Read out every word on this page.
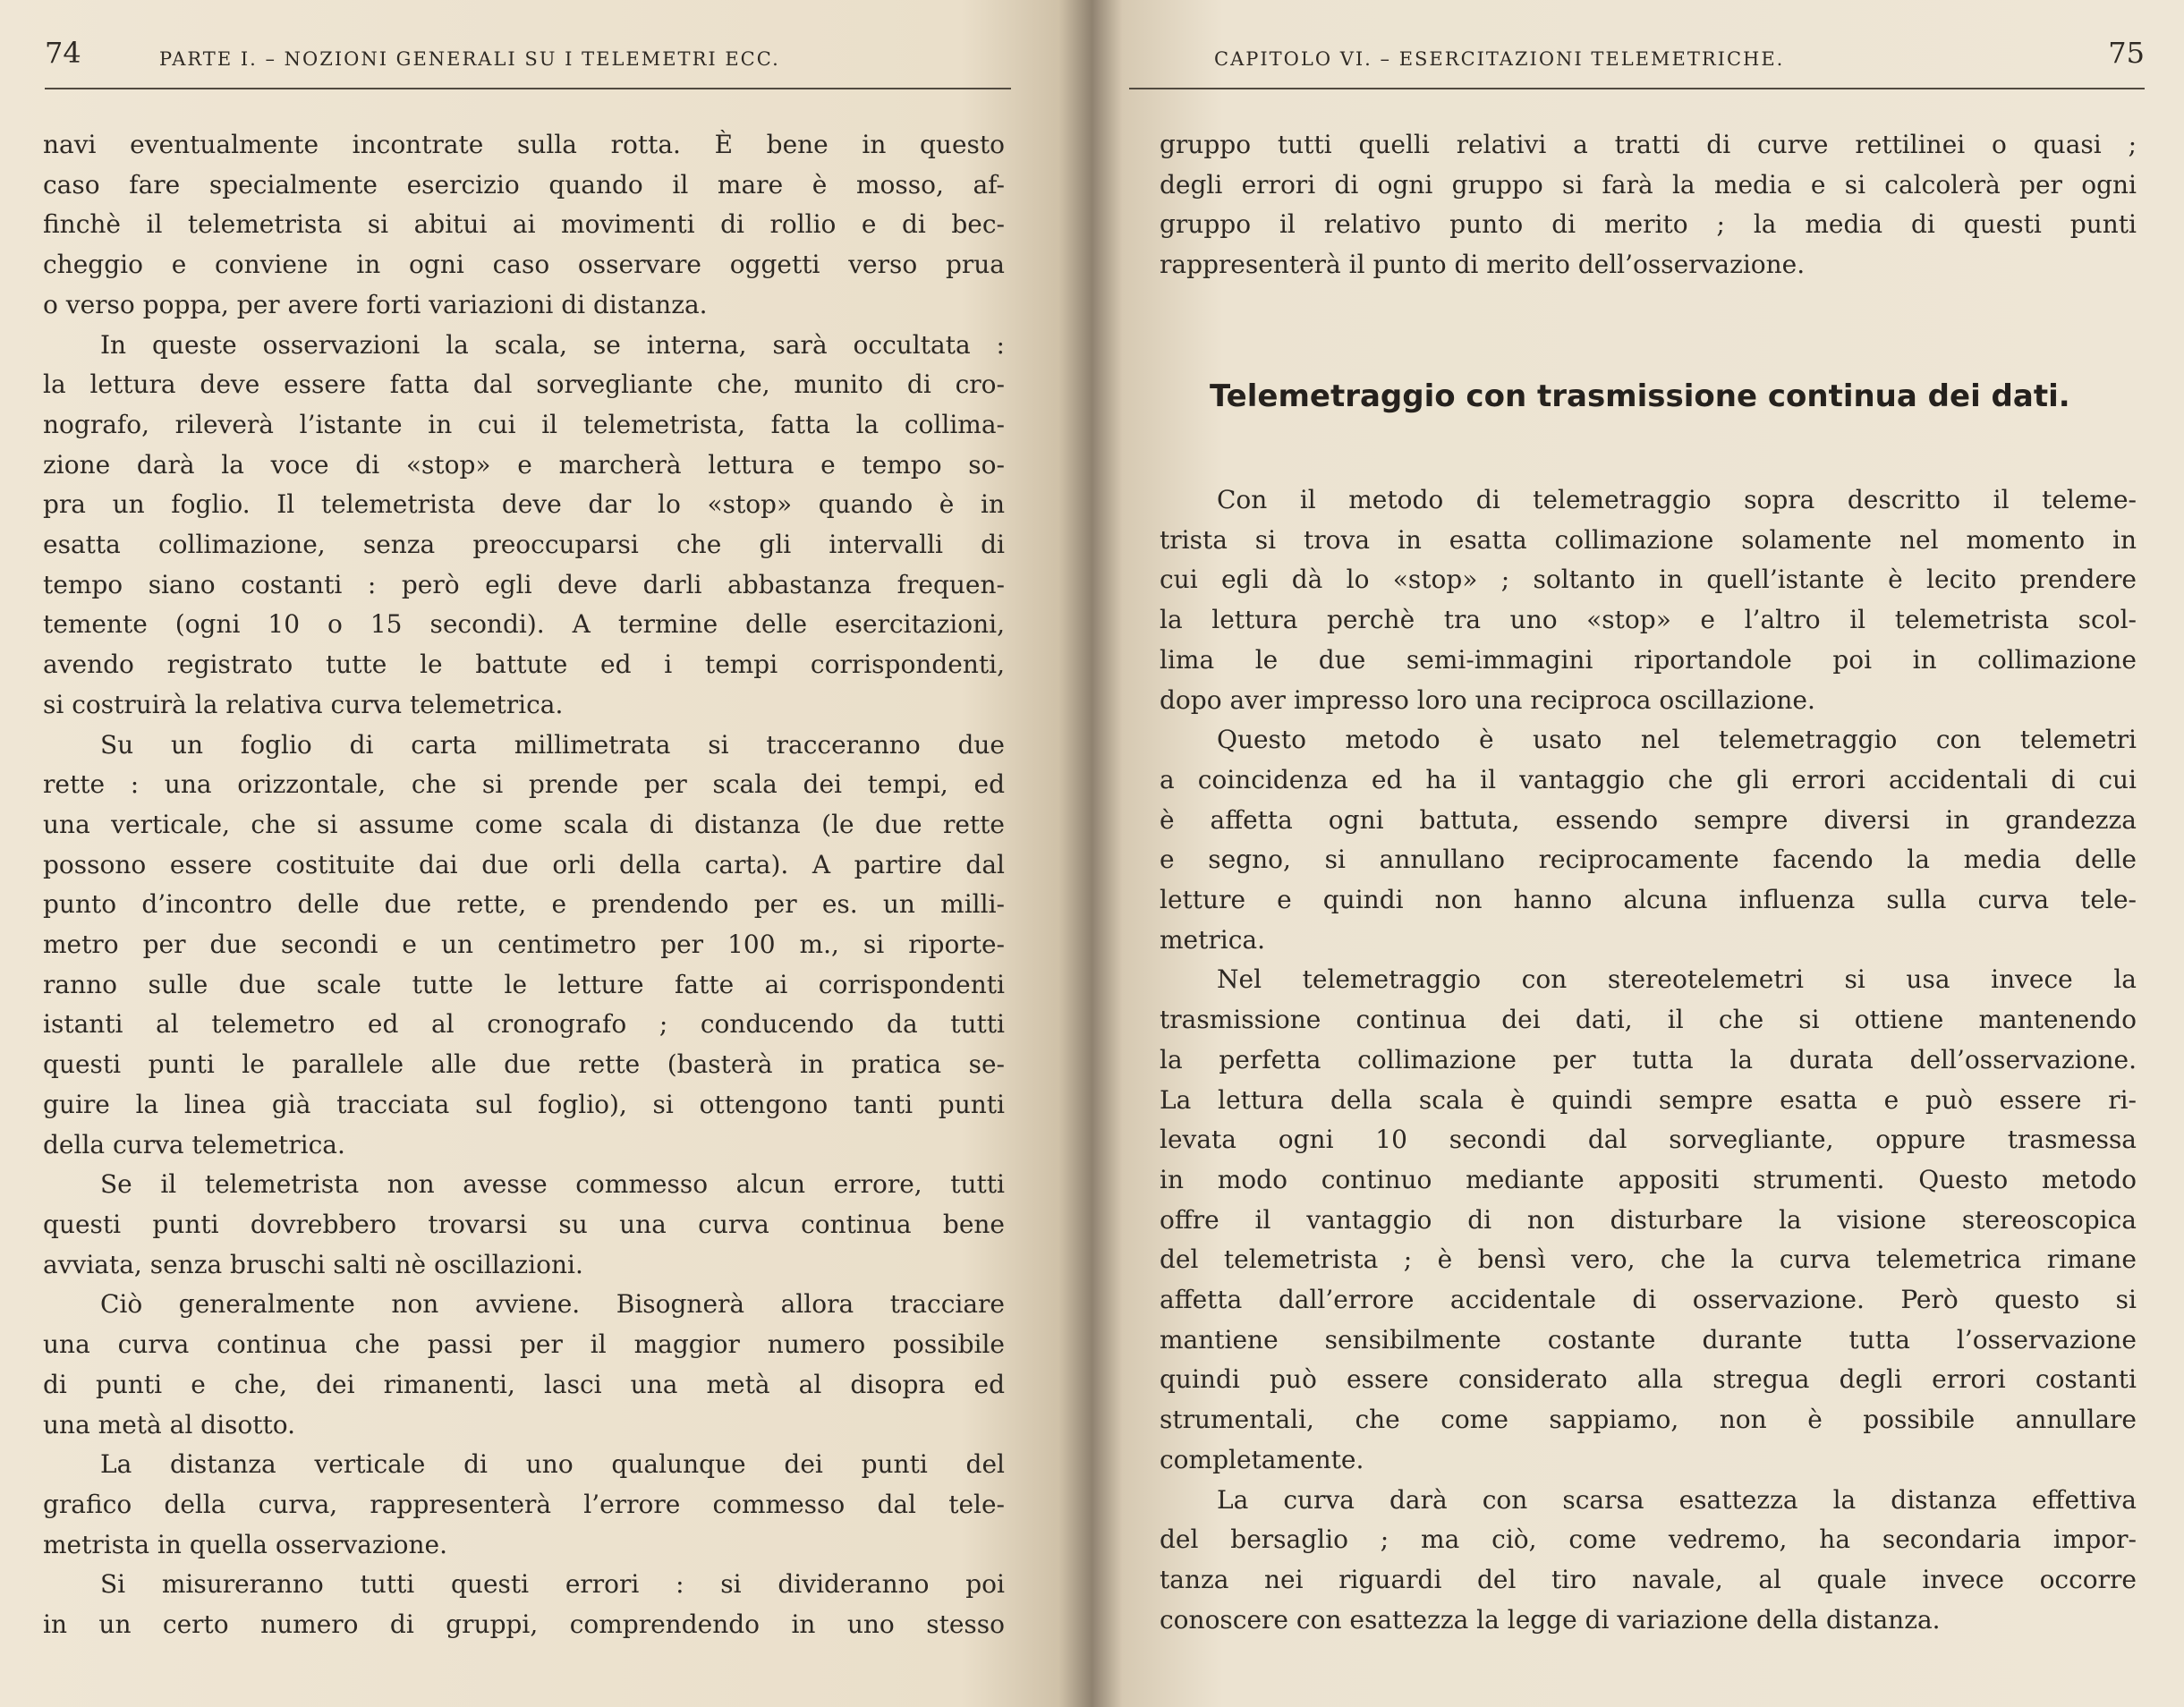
74	PARTE I. – NOZIONI GENERALI SU I TELEMETRI ECC.
navi eventualmente incontrate sulla rotta. È bene in questo
caso fare specialmente esercizio quando il mare è mosso, af-
finchè il telemetrista si abitui ai movimenti di rollio e di bec-
cheggio e conviene in ogni caso osservare oggetti verso prua
o verso poppa, per avere forti variazioni di distanza.
In queste osservazioni la scala, se interna, sarà occultata :
la lettura deve essere fatta dal sorvegliante che, munito di cro-
nografo, rileverà l’istante in cui il telemetrista, fatta la collima-
zione darà la voce di «stop» e marcherà lettura e tempo so-
pra un foglio. Il telemetrista deve dar lo «stop» quando è in
esatta collimazione, senza preoccuparsi che gli intervalli di
tempo siano costanti : però egli deve darli abbastanza frequen-
temente (ogni 10 o 15 secondi). A termine delle esercitazioni,
avendo registrato tutte le battute ed i tempi corrispondenti,
si costruirà la relativa curva telemetrica.
Su un foglio di carta millimetrata si tracceranno due
rette : una orizzontale, che si prende per scala dei tempi, ed
una verticale, che si assume come scala di distanza (le due rette
possono essere costituite dai due orli della carta). A partire dal
punto d’incontro delle due rette, e prendendo per es. un milli-
metro per due secondi e un centimetro per 100 m., si riporte-
ranno sulle due scale tutte le letture fatte ai corrispondenti
istanti al telemetro ed al cronografo ; conducendo da tutti
questi punti le parallele alle due rette (basterà in pratica se-
guire la linea già tracciata sul foglio), si ottengono tanti punti
della curva telemetrica.
Se il telemetrista non avesse commesso alcun errore, tutti
questi punti dovrebbero trovarsi su una curva continua bene
avviata, senza bruschi salti nè oscillazioni.
Ciò generalmente non avviene. Bisognerà allora tracciare
una curva continua che passi per il maggior numero possibile
di punti e che, dei rimanenti, lasci una metà al disopra ed
una metà al disotto.
La distanza verticale di uno qualunque dei punti del
grafico della curva, rappresenterà l’errore commesso dal tele-
metrista in quella osservazione.
Si misureranno tutti questi errori : si divideranno poi
in un certo numero di gruppi, comprendendo in uno stesso
CAPITOLO VI. – ESERCITAZIONI TELEMETRICHE.	75
gruppo tutti quelli relativi a tratti di curve rettilinei o quasi ;
degli errori di ogni gruppo si farà la media e si calcolerà per ogni
gruppo il relativo punto di merito ; la media di questi punti
rappresenterà il punto di merito dell’osservazione.
Telemetraggio con trasmissione continua dei dati.
Con il metodo di telemetraggio sopra descritto il teleme-
trista si trova in esatta collimazione solamente nel momento in
cui egli dà lo «stop» ; soltanto in quell’istante è lecito prendere
la lettura perchè tra uno «stop» e l’altro il telemetrista scol-
lima le due semi-immagini riportandole poi in collimazione
dopo aver impresso loro una reciproca oscillazione.
Questo metodo è usato nel telemetraggio con telemetri
a coincidenza ed ha il vantaggio che gli errori accidentali di cui
è affetta ogni battuta, essendo sempre diversi in grandezza
e segno, si annullano reciprocamente facendo la media delle
letture e quindi non hanno alcuna influenza sulla curva tele-
metrica.
Nel telemetraggio con stereotelemetri si usa invece la
trasmissione continua dei dati, il che si ottiene mantenendo
la perfetta collimazione per tutta la durata dell’osservazione.
La lettura della scala è quindi sempre esatta e può essere ri-
levata ogni 10 secondi dal sorvegliante, oppure trasmessa
in modo continuo mediante appositi strumenti. Questo metodo
offre il vantaggio di non disturbare la visione stereoscopica
del telemetrista ; è bensì vero, che la curva telemetrica rimane
affetta dall’errore accidentale di osservazione. Però questo si
mantiene sensibilmente costante durante tutta l’osservazione
quindi può essere considerato alla stregua degli errori costanti
strumentali, che come sappiamo, non è possibile annullare
completamente.
La curva darà con scarsa esattezza la distanza effettiva
del bersaglio ; ma ciò, come vedremo, ha secondaria impor-
tanza nei riguardi del tiro navale, al quale invece occorre
conoscere con esattezza la legge di variazione della distanza.
